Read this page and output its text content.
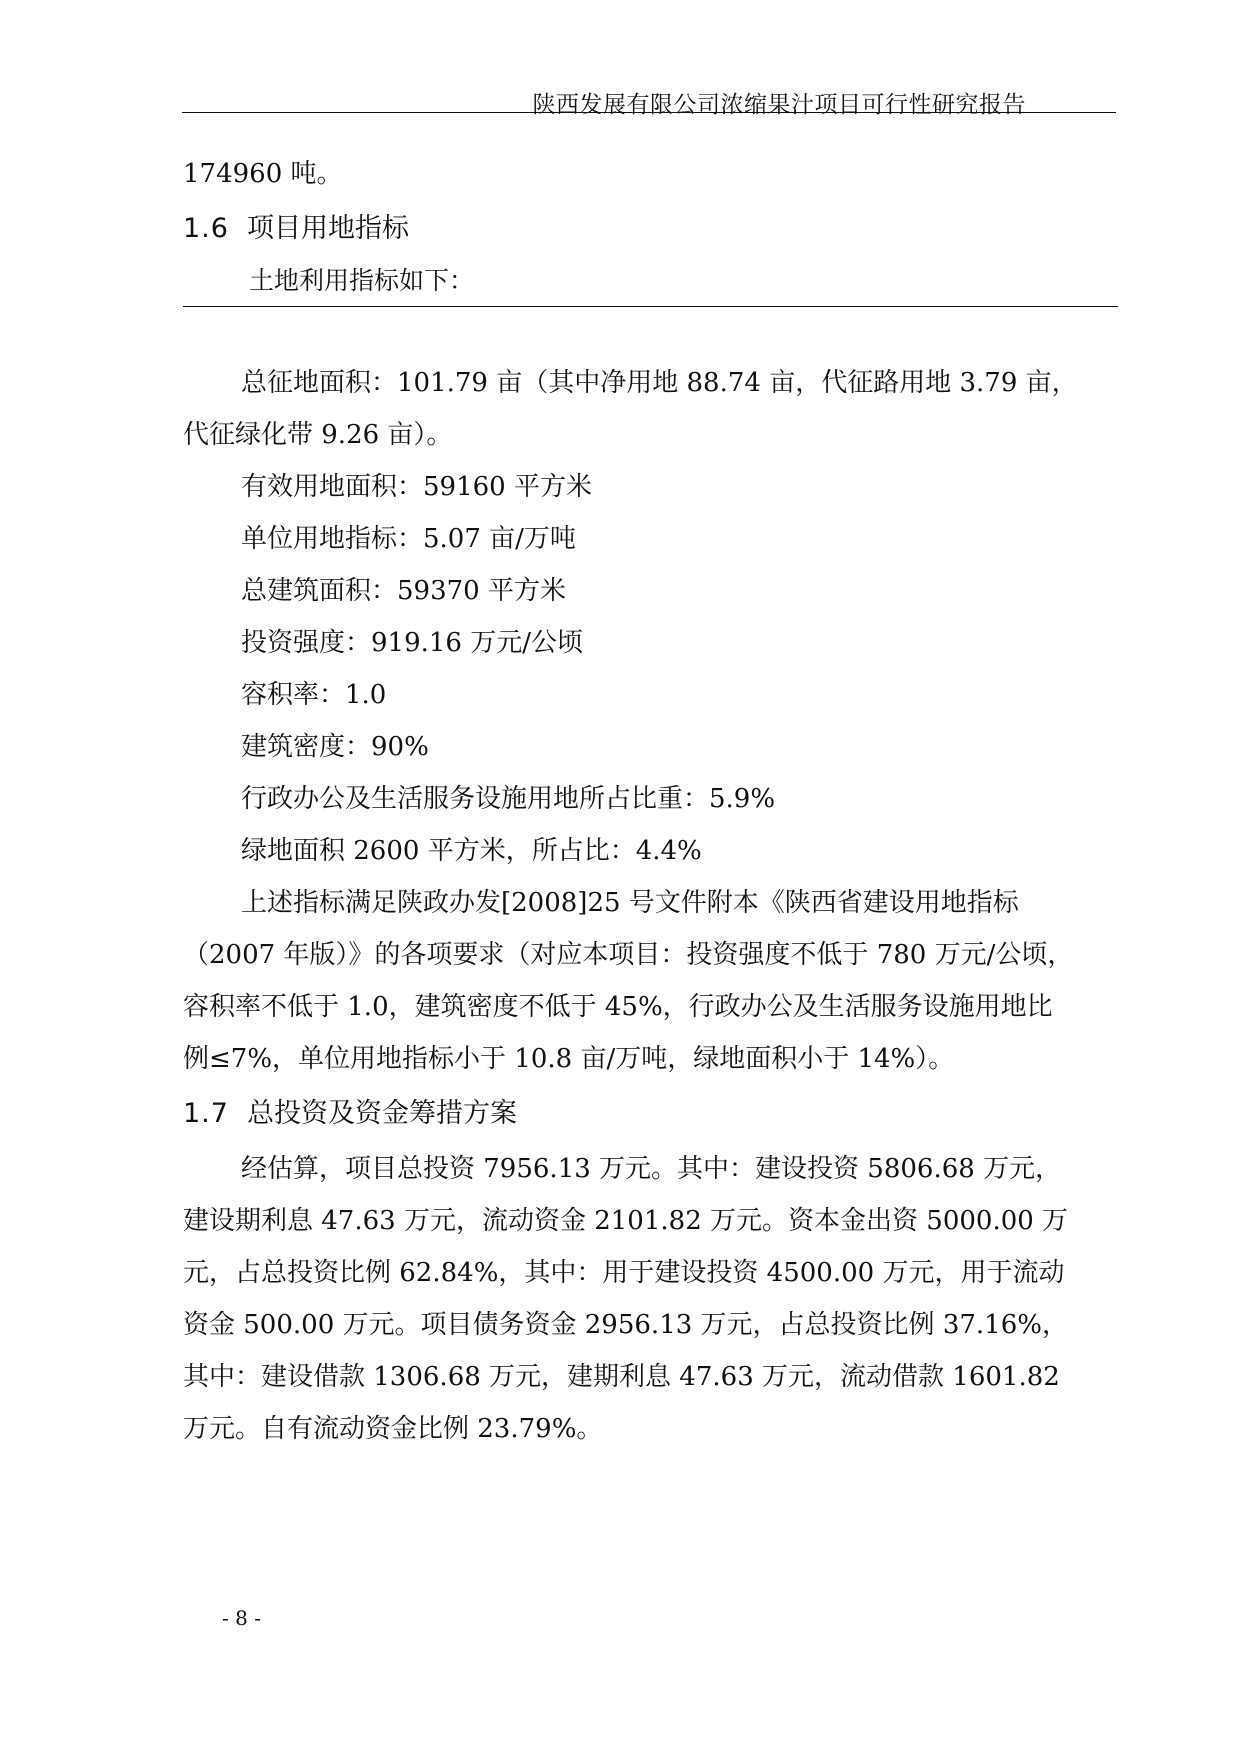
陕西发展有限公司浓缩果汁项目可行性研究报告
174960 吨。
1.6 项目用地指标
土地利用指标如下：
总征地面积：101.79 亩（其中净用地 88.74 亩，代征路用地 3.79 亩，
代征绿化带 9.26 亩）。
有效用地面积：59160 平方米
单位用地指标：5.07 亩/万吨
总建筑面积：59370 平方米
投资强度：919.16 万元/公顷
容积率：1.0
建筑密度：90%
行政办公及生活服务设施用地所占比重：5.9%
绿地面积 2600 平方米，所占比：4.4%
上述指标满足陕政办发[2008]25 号文件附本《陕西省建设用地指标
（2007 年版）》的各项要求（对应本项目：投资强度不低于 780 万元/公顷，
容积率不低于 1.0，建筑密度不低于 45%，行政办公及生活服务设施用地比
例≤7%，单位用地指标小于 10.8 亩/万吨，绿地面积小于 14%）。
1.7 总投资及资金筹措方案
经估算，项目总投资 7956.13 万元。其中：建设投资 5806.68 万元，
建设期利息 47.63 万元，流动资金 2101.82 万元。资本金出资 5000.00 万
元，占总投资比例 62.84%，其中：用于建设投资 4500.00 万元，用于流动
资金 500.00 万元。项目债务资金 2956.13 万元，占总投资比例 37.16%，
其中：建设借款 1306.68 万元，建期利息 47.63 万元，流动借款 1601.82
万元。自有流动资金比例 23.79%。
- 8 -
